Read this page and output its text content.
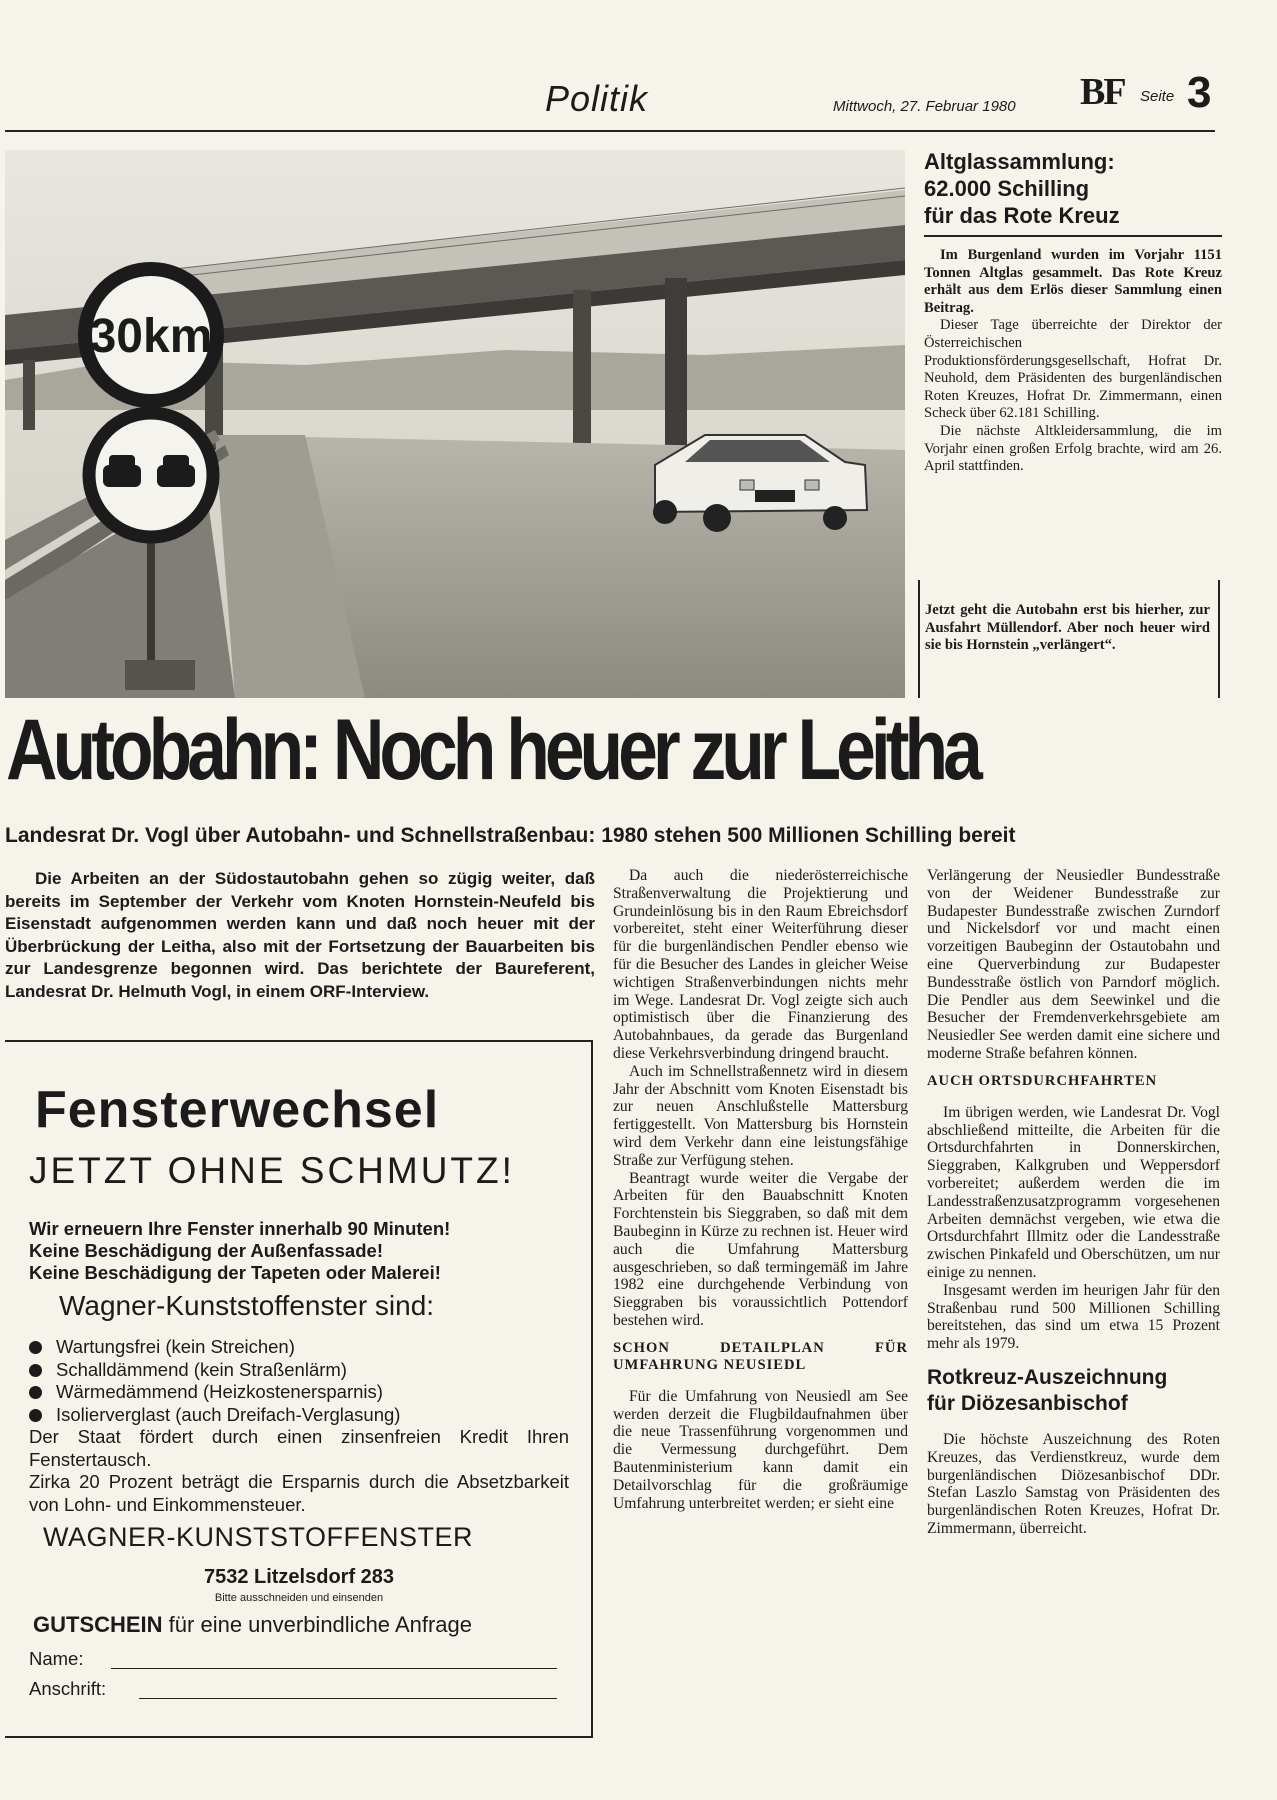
Politik	Mittwoch, 27. Februar 1980 BF Seite 3
30km
Altglassammlung:
62.000 Schilling
für das Rote Kreuz

Im Burgenland wurden im Vorjahr 1151 Tonnen Altglas gesammelt. Das Rote Kreuz erhält aus dem Erlös dieser Sammlung einen Beitrag.

Dieser Tage überreichte der Direktor der Österreichischen Produktionsförderungsgesellschaft, Hofrat Dr. Neuhold, dem Präsidenten des burgenländischen Roten Kreuzes, Hofrat Dr. Zimmermann, einen Scheck über 62.181 Schilling.

Die nächste Altkleidersammlung, die im Vorjahr einen großen Erfolg brachte, wird am 26. April stattfinden.

Jetzt geht die Autobahn erst bis hierher, zur Ausfahrt Müllendorf. Aber noch heuer wird sie bis Hornstein „verlängert“.
Autobahn: Noch heuer zur Leitha
Landesrat Dr. Vogl über Autobahn- und Schnellstraßenbau: 1980 stehen 500 Millionen Schilling bereit
Die Arbeiten an der Südostautobahn gehen so zügig weiter, daß bereits im September der Verkehr vom Knoten Hornstein-Neufeld bis Eisenstadt aufgenommen werden kann und daß noch heuer mit der Überbrückung der Leitha, also mit der Fortsetzung der Bauarbeiten bis zur Landesgrenze begonnen wird. Das berichtete der Baureferent, Landesrat Dr. Helmuth Vogl, in einem ORF-Interview.
Fensterwechsel
JETZT OHNE SCHMUTZ!
Wir erneuern Ihre Fenster innerhalb 90 Minuten!
Keine Beschädigung der Außenfassade!
Keine Beschädigung der Tapeten oder Malerei!
Wagner-Kunststoffenster sind:
Wartungsfrei (kein Streichen)
Schalldämmend (kein Straßenlärm)
Wärmedämmend (Heizkostenersparnis)
Isolierverglast (auch Dreifach-Verglasung)

Der Staat fördert durch einen zinsenfreien Kredit Ihren Fenstertausch.

Zirka 20 Prozent beträgt die Ersparnis durch die Absetzbarkeit von Lohn- und Einkommensteuer.

WAGNER-KUNSTSTOFFENSTER
7532 Litzelsdorf 283
Bitte ausschneiden und einsenden
GUTSCHEIN für eine unverbindliche Anfrage
Name:
Anschrift:

Da auch die niederösterreichische Straßenverwaltung die Projektierung und Grundeinlösung bis in den Raum Ebreichsdorf vorbereitet, steht einer Weiterführung dieser für die burgenländischen Pendler ebenso wie für die Besucher des Landes in gleicher Weise wichtigen Straßenverbindungen nichts mehr im Wege. Landesrat Dr. Vogl zeigte sich auch optimistisch über die Finanzierung des Autobahnbaues, da gerade das Burgenland diese Verkehrsverbindung dringend braucht.

Auch im Schnellstraßennetz wird in diesem Jahr der Abschnitt vom Knoten Eisenstadt bis zur neuen Anschlußstelle Mattersburg fertiggestellt. Von Mattersburg bis Hornstein wird dem Verkehr dann eine leistungsfähige Straße zur Verfügung stehen.

Beantragt wurde weiter die Vergabe der Arbeiten für den Bauabschnitt Knoten Forchtenstein bis Sieggraben, so daß mit dem Baubeginn in Kürze zu rechnen ist. Heuer wird auch die Umfahrung Mattersburg ausgeschrieben, so daß termingemäß im Jahre 1982 eine durchgehende Verbindung von Sieggraben bis voraussichtlich Pottendorf bestehen wird.

SCHON DETAILPLAN FÜR UMFAHRUNG NEUSIEDL

Für die Umfahrung von Neusiedl am See werden derzeit die Flugbildaufnahmen über die neue Trassenführung vorgenommen und die Vermessung durchgeführt. Dem Bautenministerium kann damit ein Detailvorschlag für die großräumige Umfahrung unterbreitet werden; er sieht eine

Verlängerung der Neusiedler Bundesstraße von der Weidener Bundesstraße zur Budapester Bundesstraße zwischen Zurndorf und Nickelsdorf vor und macht einen vorzeitigen Baubeginn der Ostautobahn und eine Querverbindung zur Budapester Bundesstraße östlich von Parndorf möglich. Die Pendler aus dem Seewinkel und die Besucher der Fremdenverkehrsgebiete am Neusiedler See werden damit eine sichere und moderne Straße befahren können.

AUCH ORTSDURCHFAHRTEN

Im übrigen werden, wie Landesrat Dr. Vogl abschließend mitteilte, die Arbeiten für die Ortsdurchfahrten in Donnerskirchen, Sieggraben, Kalkgruben und Weppersdorf vorbereitet; außerdem werden die im Landesstraßenzusatzprogramm vorgesehenen Arbeiten demnächst vergeben, wie etwa die Ortsdurchfahrt Illmitz oder die Landesstraße zwischen Pinkafeld und Oberschützen, um nur einige zu nennen.

Insgesamt werden im heurigen Jahr für den Straßenbau rund 500 Millionen Schilling bereitstehen, das sind um etwa 15 Prozent mehr als 1979.

Rotkreuz-Auszeichnung
für Diözesanbischof

Die höchste Auszeichnung des Roten Kreuzes, das Verdienstkreuz, wurde dem burgenländischen Diözesanbischof DDr. Stefan Laszlo Samstag von Präsidenten des burgenländischen Roten Kreuzes, Hofrat Dr. Zimmermann, überreicht.
